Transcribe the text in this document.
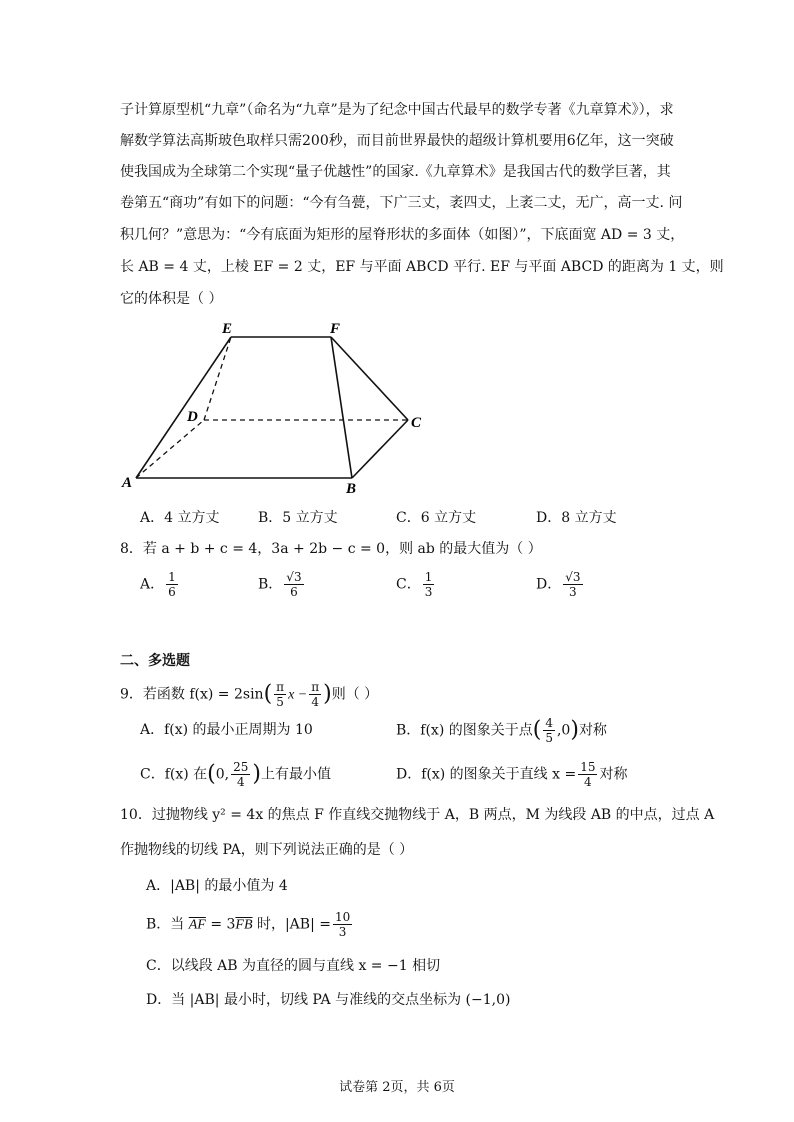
子计算原型机“九章”（命名为“九章”是为了纪念中国古代最早的数学专著《九章算术》），求
解数学算法高斯玻色取样只需200秒，而目前世界最快的超级计算机要用6亿年，这一突破
使我国成为全球第二个实现“量子优越性”的国家.《九章算术》是我国古代的数学巨著，其
卷第五“商功”有如下的问题：“今有刍甍，下广三丈，袤四丈，上袤二丈，无广，高一丈. 问
积几何？”意思为：“今有底面为矩形的屋脊形状的多面体（如图）”，下底面宽 AD = 3 丈，
长 AB = 4 丈，上棱 EF = 2 丈，EF 与平面 ABCD 平行. EF 与平面 ABCD 的距离为 1 丈，则
它的体积是（ ）
E	F
D	C
A	B
A．4 立方丈	B．5 立方丈	C．6 立方丈	D．8 立方丈
8．若 a + b + c = 4，3a + 2b − c = 0，则 ab 的最大值为（ ）
A． $\frac{1}{6}$	B． $\frac{√3}{6}$	C． $\frac{1}{3}$	D． $\frac{√3}{3}$
二、多选题
9．若函数 $f(x) = 2\sin( \frac{\pi}{5}$ $x - \frac{\pi}{4}$ )则（ ）
A．f(x) 的最小正周期为 10	B．f(x) 的图象关于点( $\frac{4}{5} ,0$)对称
C．f(x) 在(0, $\frac{25}{4}$ )上有最小值	D．f(x) 的图象关于直线 $x = \frac{15}{4}$ 对称
10．过抛物线 y² = 4x 的焦点 F 作直线交抛物线于 A，B 两点，M 为线段 AB 的中点，过点 A
作抛物线的切线 PA，则下列说法正确的是（ ）
A．|AB| 的最小值为 4
B．当 $\overline{AF} = 3\overline{FB}$ 时，$|AB| = \frac{10}{3}$
C．以线段 AB 为直径的圆与直线 x = −1 相切
D．当 |AB| 最小时，切线 PA 与准线的交点坐标为 (−1,0)
试卷第 2页，共 6页
